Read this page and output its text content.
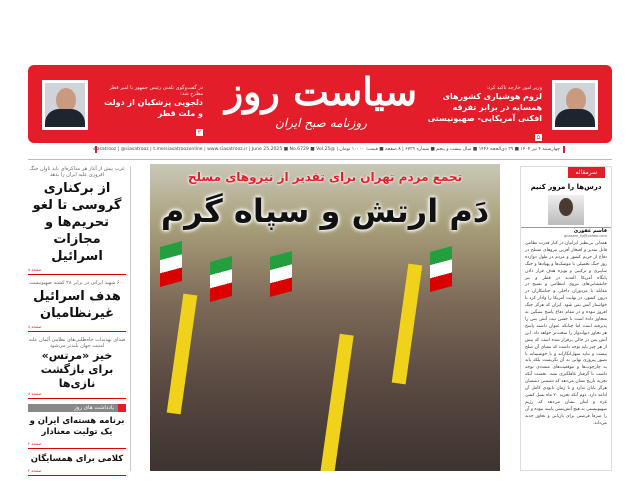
وزیر امور خارجه تاکید کرد:
لزوم هوشیاری کشورهای همسایه در برابر تفرقه افکنی آمریکایی- صهیونیستی
۵
سیاست روز
روزنامه صبح ایران
در گفت‌وگوی تلفنی رئیس جمهور با امیر قطر مطرح شد:
دلجویی پزشکیان از دولت و ملت قطر
۲
چهارشنبه ۴ تیر ۱۴۰۴ ■ ۲۹ ذی‌الحجه ۱۴۴۶ ■ سال بیست و پنجم ■ شماره ۶۷۲۹ | ۸ صفحه ■ قیمت: ۱۰۰۰۰ تومان | @siasatrooz | @siasatrooz | t.me/siasatroozonline | www.siasatrooz.ir | June 25.2025 ■ No.6729 ■ Vol.25
غرب پیش از آغاز هر مذاکره‌ای باید تاوان جنگ افروزی علیه ایران را بدهد
از برکناری گروسی تا لغو تحریم‌ها و مجازات اسرائیل
صفحه ۸
۶۰۰ شهید ایرانی در برابر ۲۸ کشته صهیونیست
هدف اسرائیل غیرنظامیان
صفحه ۸
صدای تهدیدات جاه‌طلبی‌های نظامی آلمان علیه امنیت جهان بلندتر می‌شود
خیز «مرتس» برای بازگشت نازی‌ها
صفحه ۸
یادداشت های روز
برنامه هسته‌ای ایران و یک تولیت معنادار
صفحه ۲
کلامی برای همسایگان
صفحه ۲
تجمع مردم تهران برای تقدیر از نیروهای مسلح
دَم ارتش و سپاه گرم
سرمقاله
درس‌ها را مرور کنیم
قاسم غفوری
ghasem_fg@yahoo.com
همدلی بی‌نظیر ایرانیان در کنار قدرت نظامی قابل تقدیر و افتخار آفرین نیروهای مسلح در دفاع از حریم کشور و مردم در طول دوازده روز جنگ تحمیلی با موشک‌ها و پهپادها و جنگ سایبری و ترکیبی و بویژه هدف قرار دادن پایگاه آمریکا العدید در قطر و نیز جانفشانی‌های نیروی انتظامی و بسیج در مقابله با مزدوران داخلی و جنایتکاران در درون کشور، در نهایت آمریکا را وادار کرد تا خواستار آتش بس شود. ایران که هرگز جنگ افروز نبوده و در مقام دفاع پاسخ سنگین به متجاوز داده است با حسن نیت آتش بس را پذیرفته است اما چنانکه عنوان داشته پاسخ هر تجاوز دیوانه‌وار را سخت‌تر خواهد داد. این آتش بس در حالی برقرار شده است که پیش از هر چیز باید توجه داشت که معنای آن صلح نیست و نباید سهل‌انگارانه و یا خوشبینانه با تصور پیروزی نهایی به آن نگریست بلکه باید به چارچوب‌ها و موقعیت‌های متعددی توجه داشت تا گرفتار غافلگیری نشد. نخست آنکه تجربه تاریخ نشان می‌دهد که دشمنی دشمنان هرگز پایان ندارد و تا زمان نابودی کامل آن ادامه دارد. دوم آنکه تجربه ۲۰ ماه نسل کشی غزه و لبنان نشان می‌دهد که رژیم صهیونیستی به هیچ آتش‌بسی پایبند نبوده و آن را صرفا فرصتی برای بازیابی و تجاوز جدید می‌داند.
